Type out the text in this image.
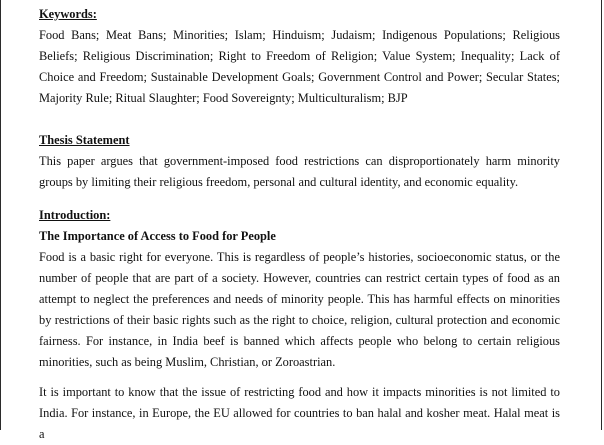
Keywords:

Food Bans; Meat Bans; Minorities; Islam; Hinduism; Judaism; Indigenous Populations; Religious Beliefs; Religious Discrimination; Right to Freedom of Religion; Value System; Inequality; Lack of Choice and Freedom; Sustainable Development Goals; Government Control and Power; Secular States; Majority Rule; Ritual Slaughter; Food Sovereignty; Multiculturalism; BJP

Thesis Statement

This paper argues that government-imposed food restrictions can disproportionately harm minority groups by limiting their religious freedom, personal and cultural identity, and economic equality.

Introduction:
The Importance of Access to Food for People

Food is a basic right for everyone. This is regardless of people’s histories, socioeconomic status, or the number of people that are part of a society. However, countries can restrict certain types of food as an attempt to neglect the preferences and needs of minority people. This has harmful effects on minorities by restrictions of their basic rights such as the right to choice, religion, cultural protection and economic fairness. For instance, in India beef is banned which affects people who belong to certain religious minorities, such as being Muslim, Christian, or Zoroastrian.

It is important to know that the issue of restricting food and how it impacts minorities is not limited to India. For instance, in Europe, the EU allowed for countries to ban halal and kosher meat. Halal meat is a
